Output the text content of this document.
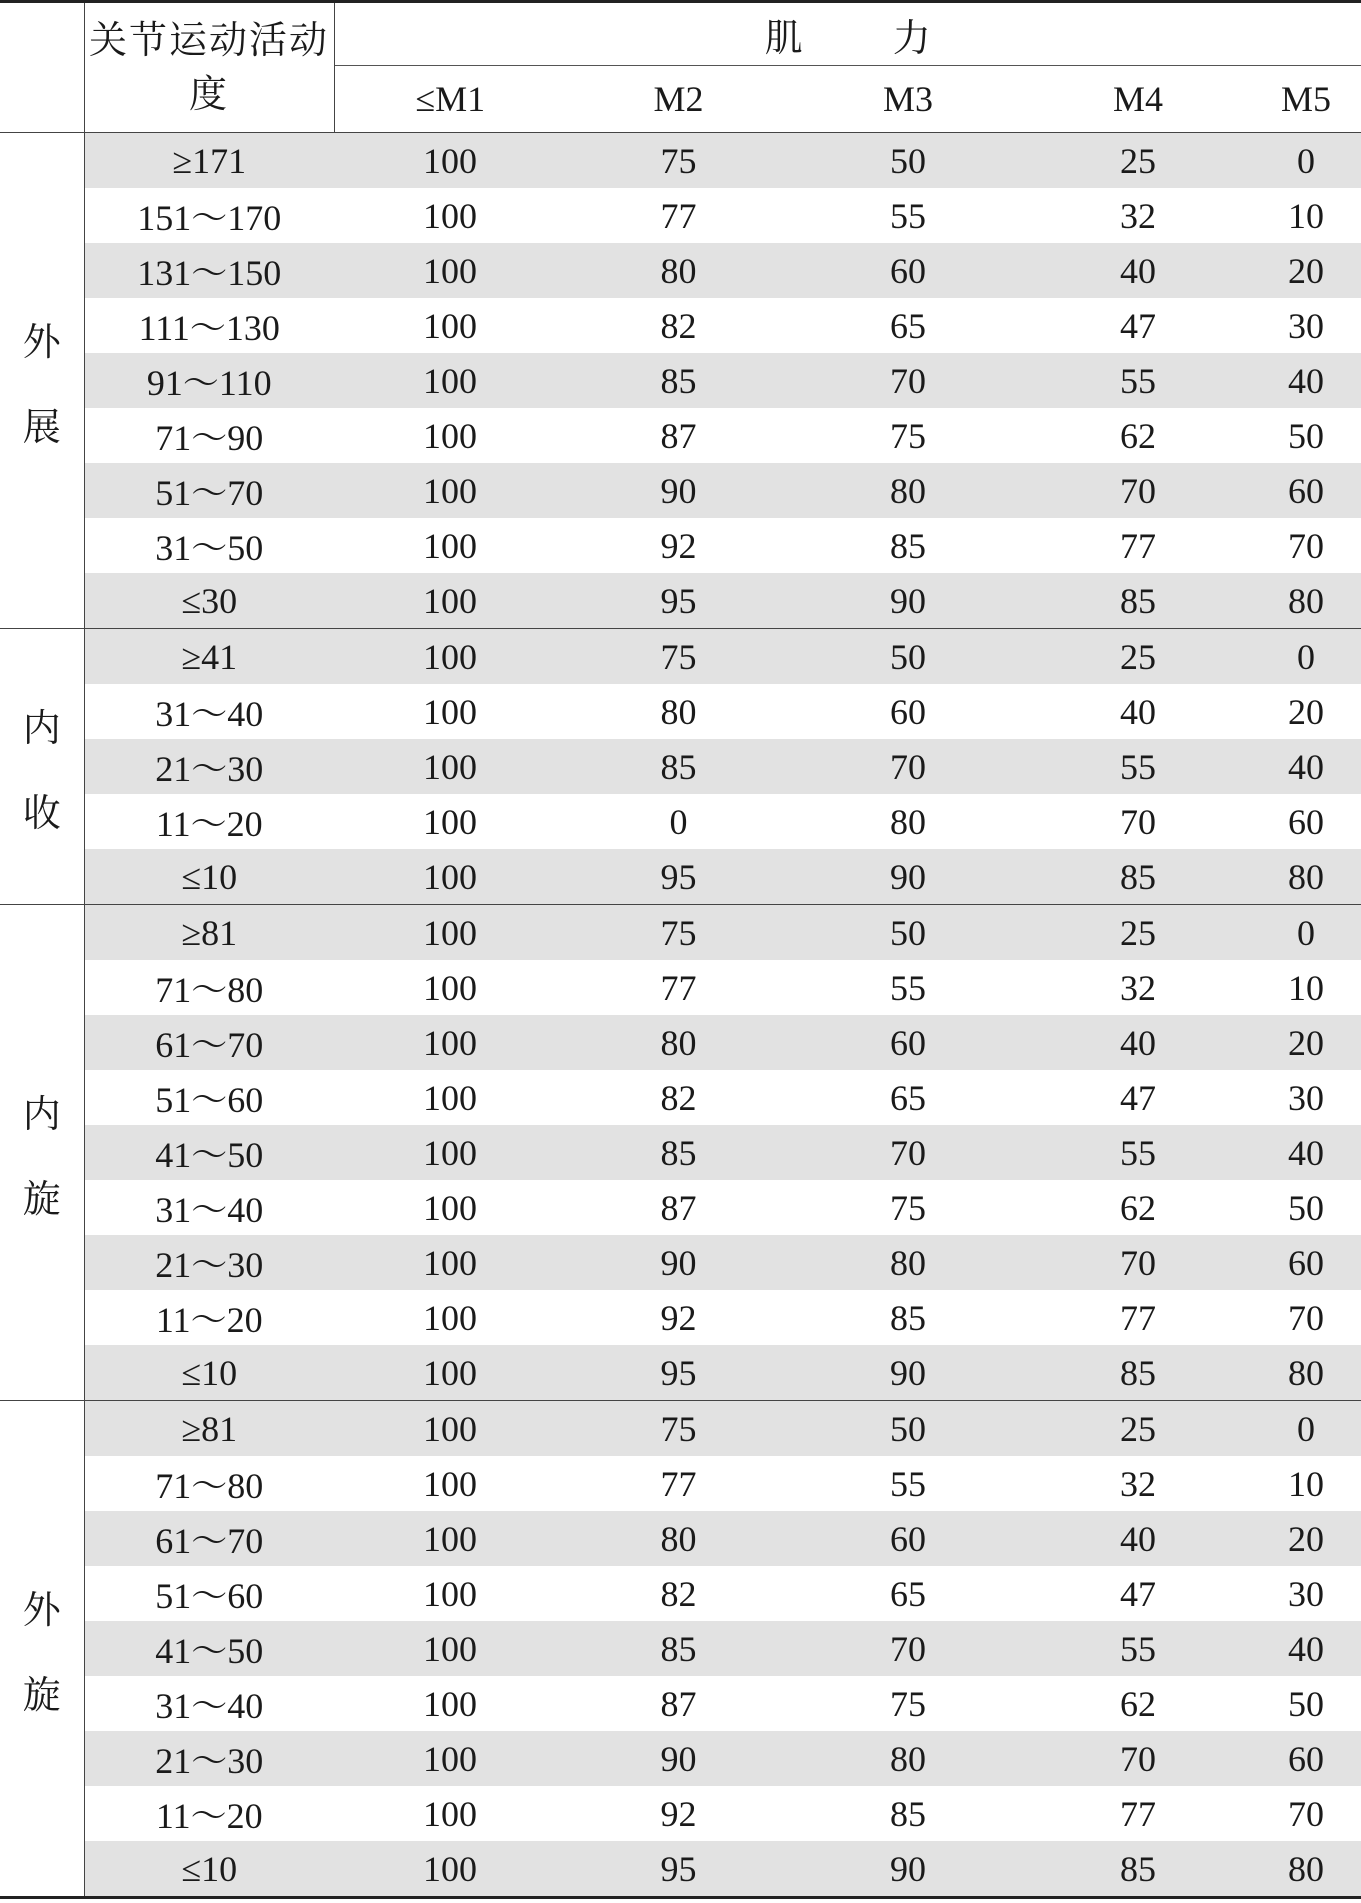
	关节运动活动度	肌 力				
		≤M1	M2	M3	M4	M5

外
展	≥171	100	75	50	25	0
	151～170	100	77	55	32	10
	131～150	100	80	60	40	20
	111～130	100	82	65	47	30
	91～110	100	85	70	55	40
	71～90	100	87	75	62	50
	51～70	100	90	80	70	60
	31～50	100	92	85	77	70
	≤30	100	95	90	85	80

内
收	≥41	100	75	50	25	0
	31～40	100	80	60	40	20
	21～30	100	85	70	55	40
	11～20	100	0	80	70	60
	≤10	100	95	90	85	80

内
旋	≥81	100	75	50	25	0
	71～80	100	77	55	32	10
	61～70	100	80	60	40	20
	51～60	100	82	65	47	30
	41～50	100	85	70	55	40
	31～40	100	87	75	62	50
	21～30	100	90	80	70	60
	11～20	100	92	85	77	70
	≤10	100	95	90	85	80

外
旋	≥81	100	75	50	25	0
	71～80	100	77	55	32	10
	61～70	100	80	60	40	20
	51～60	100	82	65	47	30
	41～50	100	85	70	55	40
	31～40	100	87	75	62	50
	21～30	100	90	80	70	60
	11～20	100	92	85	77	70
	≤10	100	95	90	85	80
